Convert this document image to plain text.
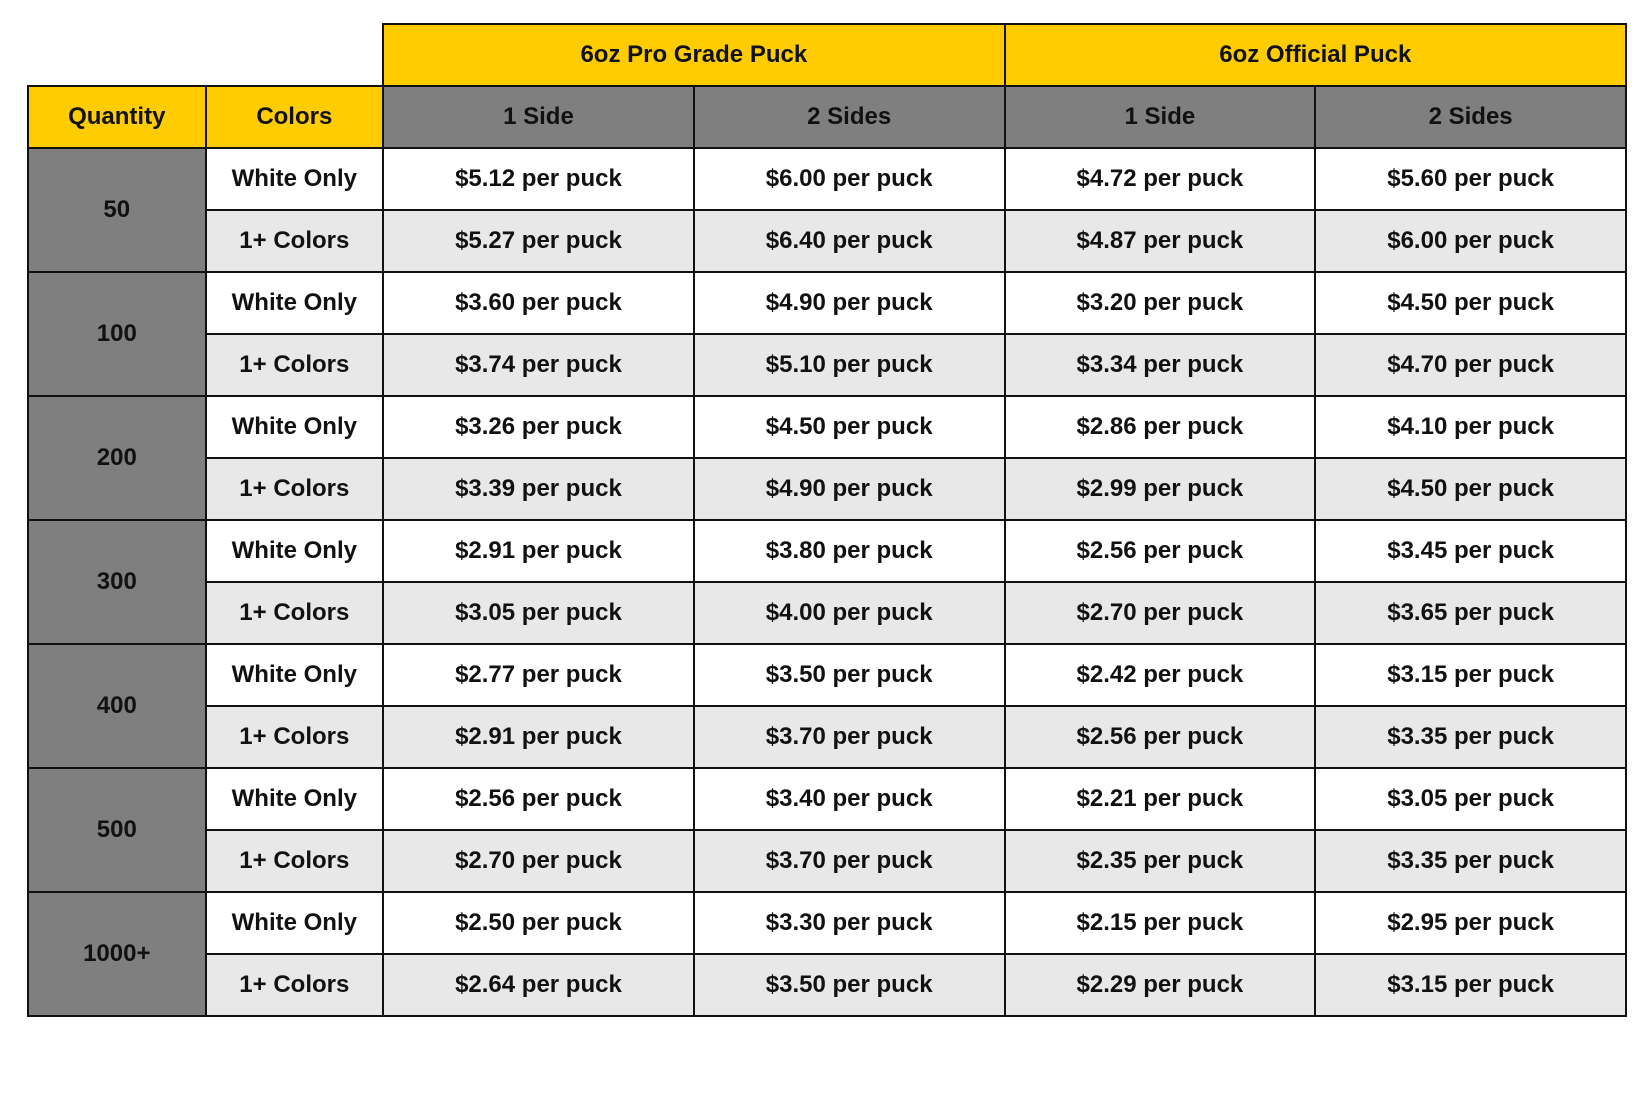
		6oz Pro Grade Puck		6oz Official Puck	
Quantity	Colors	1 Side	2 Sides	1 Side	2 Sides
50	White Only	$5.12 per puck	$6.00 per puck	$4.72 per puck	$5.60 per puck
	1+ Colors	$5.27 per puck	$6.40 per puck	$4.87 per puck	$6.00 per puck
100	White Only	$3.60 per puck	$4.90 per puck	$3.20 per puck	$4.50 per puck
	1+ Colors	$3.74 per puck	$5.10 per puck	$3.34 per puck	$4.70 per puck
200	White Only	$3.26 per puck	$4.50 per puck	$2.86 per puck	$4.10 per puck
	1+ Colors	$3.39 per puck	$4.90 per puck	$2.99 per puck	$4.50 per puck
300	White Only	$2.91 per puck	$3.80 per puck	$2.56 per puck	$3.45 per puck
	1+ Colors	$3.05 per puck	$4.00 per puck	$2.70 per puck	$3.65 per puck
400	White Only	$2.77 per puck	$3.50 per puck	$2.42 per puck	$3.15 per puck
	1+ Colors	$2.91 per puck	$3.70 per puck	$2.56 per puck	$3.35 per puck
500	White Only	$2.56 per puck	$3.40 per puck	$2.21 per puck	$3.05 per puck
	1+ Colors	$2.70 per puck	$3.70 per puck	$2.35 per puck	$3.35 per puck
1000+	White Only	$2.50 per puck	$3.30 per puck	$2.15 per puck	$2.95 per puck
	1+ Colors	$2.64 per puck	$3.50 per puck	$2.29 per puck	$3.15 per puck
